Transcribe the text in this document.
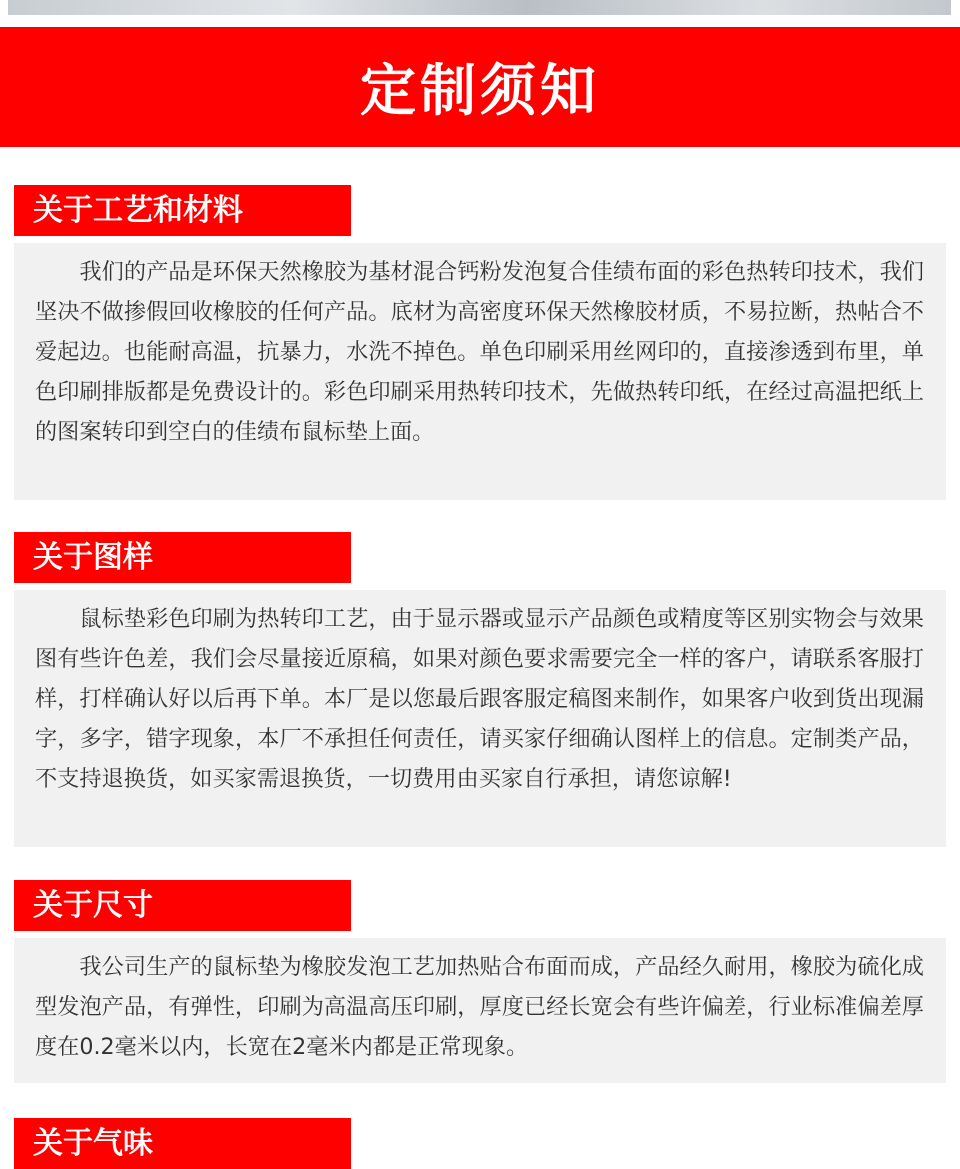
定制须知
关于工艺和材料
我们的产品是环保天然橡胶为基材混合钙粉发泡复合佳绩布面的彩色热转印技术，我们坚决不做掺假回收橡胶的任何产品。底材为高密度环保天然橡胶材质，不易拉断，热帖合不爱起边。也能耐高温，抗暴力，水洗不掉色。单色印刷采用丝网印的，直接渗透到布里，单色印刷排版都是免费设计的。彩色印刷采用热转印技术，先做热转印纸，在经过高温把纸上的图案转印到空白的佳绩布鼠标垫上面。
关于图样
鼠标垫彩色印刷为热转印工艺，由于显示器或显示产品颜色或精度等区别实物会与效果图有些许色差，我们会尽量接近原稿，如果对颜色要求需要完全一样的客户，请联系客服打样，打样确认好以后再下单。本厂是以您最后跟客服定稿图来制作，如果客户收到货出现漏字，多字，错字现象，本厂不承担任何责任，请买家仔细确认图样上的信息。定制类产品，不支持退换货，如买家需退换货，一切费用由买家自行承担，请您谅解!
关于尺寸
我公司生产的鼠标垫为橡胶发泡工艺加热贴合布面而成，产品经久耐用，橡胶为硫化成型发泡产品，有弹性，印刷为高温高压印刷，厚度已经长宽会有些许偏差，行业标准偏差厚度在0.2毫米以内，长宽在2毫米内都是正常现象。
关于气味
